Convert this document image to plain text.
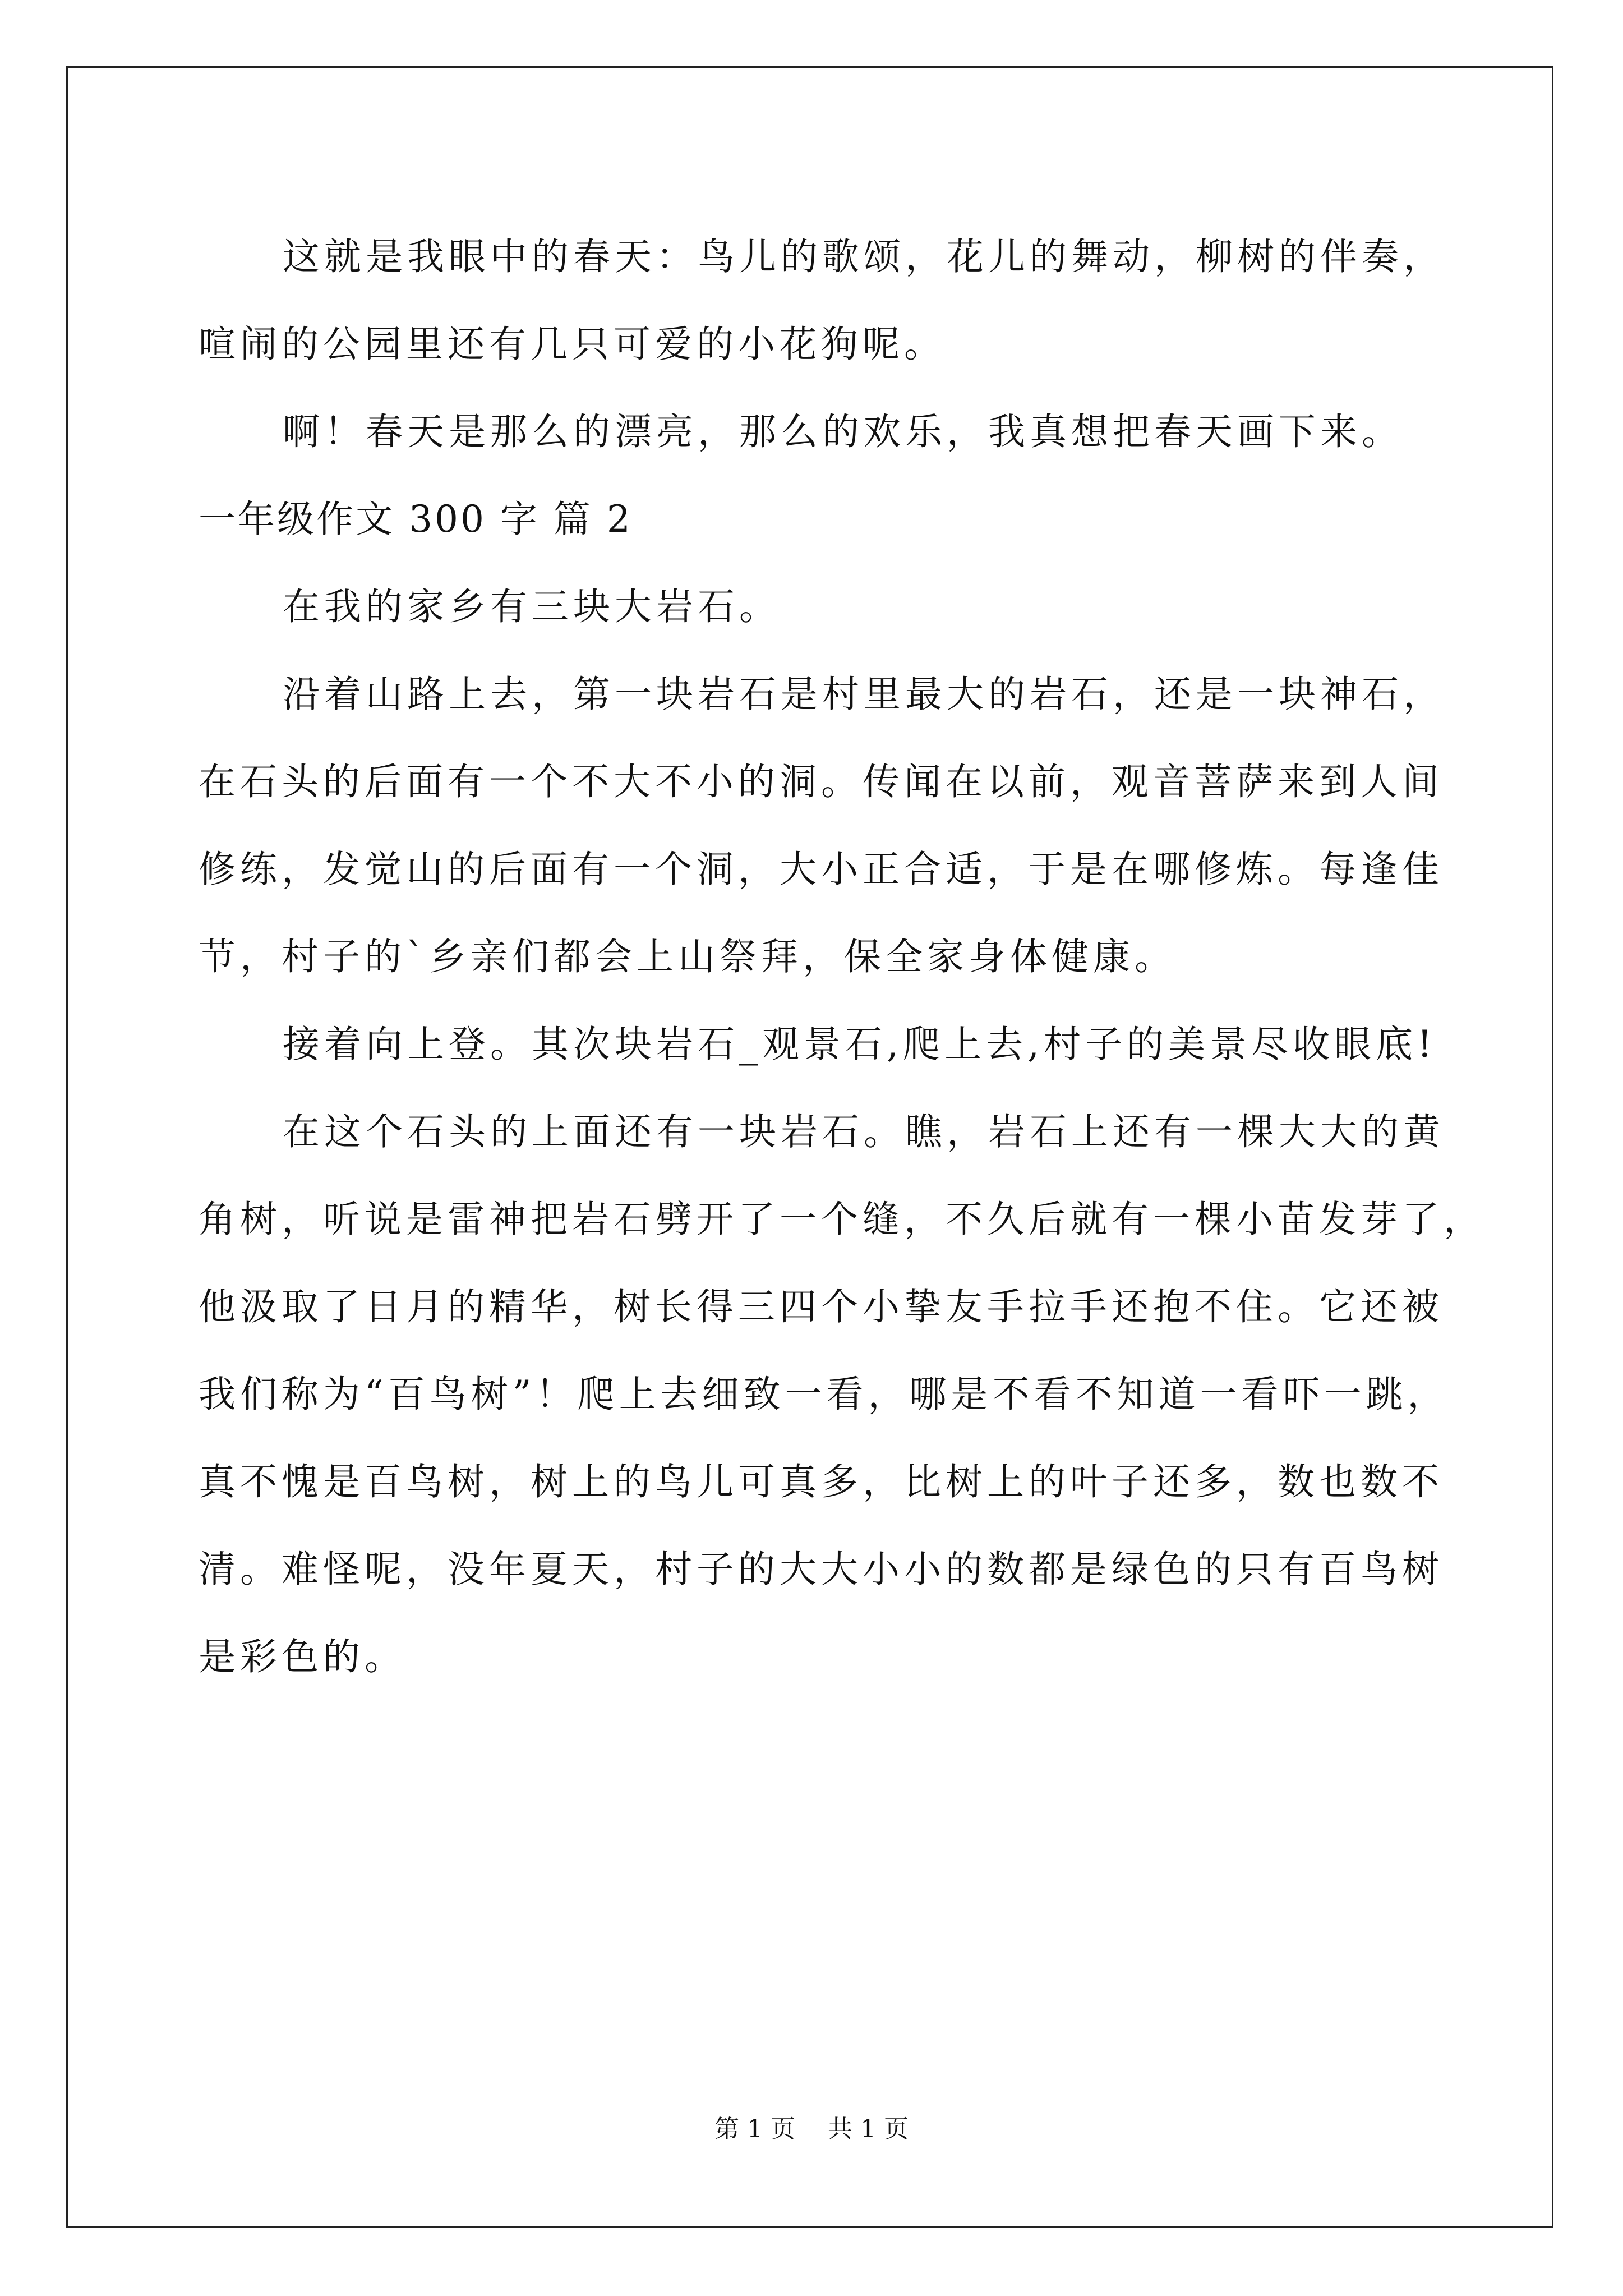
这就是我眼中的春天：鸟儿的歌颂，花儿的舞动，柳树的伴奏，

喧闹的公园里还有几只可爱的小花狗呢。

啊！春天是那么的漂亮，那么的欢乐，我真想把春天画下来。

一年级作文 300 字 篇 2

在我的家乡有三块大岩石。

沿着山路上去，第一块岩石是村里最大的岩石，还是一块神石，

在石头的后面有一个不大不小的洞。传闻在以前，观音菩萨来到人间

修练，发觉山的后面有一个洞，大小正合适，于是在哪修炼。每逢佳

节，村子的`乡亲们都会上山祭拜，保全家身体健康。

接着向上登。其次块岩石_观景石,爬上去,村子的美景尽收眼底!

在这个石头的上面还有一块岩石。瞧，岩石上还有一棵大大的黄

角树，听说是雷神把岩石劈开了一个缝，不久后就有一棵小苗发芽了，

他汲取了日月的精华，树长得三四个小挚友手拉手还抱不住。它还被

我们称为“百鸟树”！爬上去细致一看，哪是不看不知道一看吓一跳，

真不愧是百鸟树，树上的鸟儿可真多，比树上的叶子还多，数也数不

清。难怪呢，没年夏天，村子的大大小小的数都是绿色的只有百鸟树

是彩色的。

第 1 页 共 1 页
